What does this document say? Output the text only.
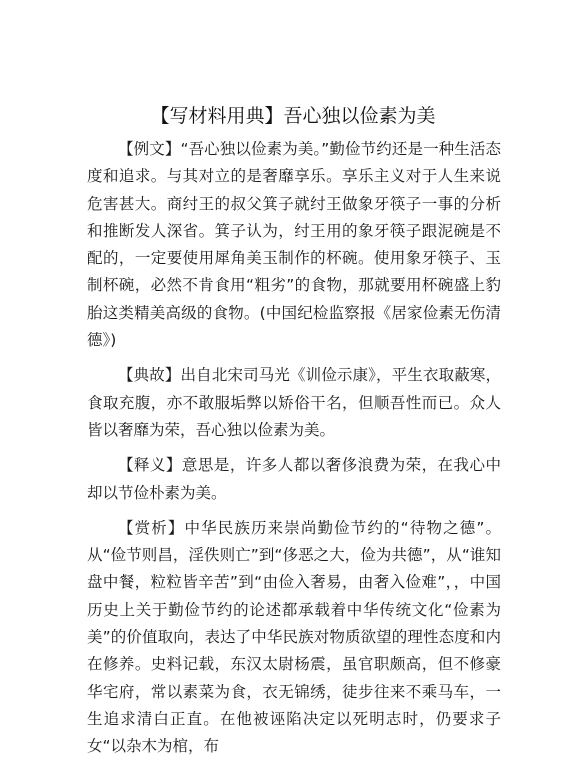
【写材料用典】吾心独以俭素为美

【例文】“吾心独以俭素为美。”勤俭节约还是一种生活态度和追求。与其对立的是奢靡享乐。享乐主义对于人生来说危害甚大。商纣王的叔父箕子就纣王做象牙筷子一事的分析和推断发人深省。箕子认为，纣王用的象牙筷子跟泥碗是不配的，一定要使用犀角美玉制作的杯碗。使用象牙筷子、玉制杯碗，必然不肯食用“粗劣”的食物，那就要用杯碗盛上豹胎这类精美高级的食物。(中国纪检监察报《居家俭素无伤清德》)

【典故】出自北宋司马光《训俭示康》，平生衣取蔽寒，食取充腹，亦不敢服垢弊以矫俗干名，但顺吾性而已。众人皆以奢靡为荣，吾心独以俭素为美。

【释义】意思是，许多人都以奢侈浪费为荣，在我心中却以节俭朴素为美。

【赏析】中华民族历来崇尚勤俭节约的“待物之德”。从“俭节则昌，淫佚则亡”到“侈恶之大，俭为共德”，从“谁知盘中餐，粒粒皆辛苦”到“由俭入奢易，由奢入俭难”，，中国历史上关于勤俭节约的论述都承载着中华传统文化“俭素为美”的价值取向，表达了中华民族对物质欲望的理性态度和内在修养。史料记载，东汉太尉杨震，虽官职颇高，但不修豪华宅府，常以素菜为食，衣无锦绣，徒步往来不乘马车，一生追求清白正直。在他被诬陷决定以死明志时，仍要求子女“以杂木为棺，布
